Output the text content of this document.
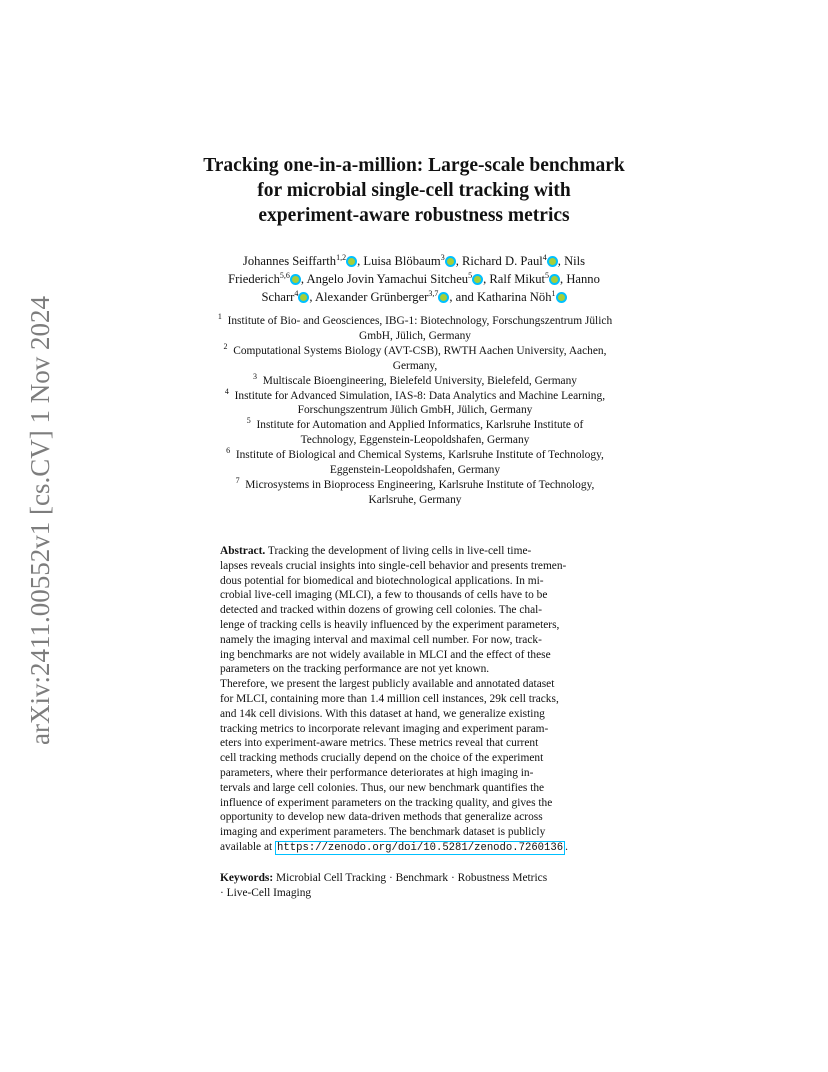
arXiv:2411.00552v1 [cs.CV] 1 Nov 2024
Tracking one-in-a-million: Large-scale benchmark
for microbial single-cell tracking with
experiment-aware robustness metrics
Johannes Seiffarth$^{1,2}$ , Luisa Blöbaum$^3$ , Richard D. Paul$^4$ , Nils
Friederich$^{5,6}$ , Angelo Jovin Yamachui Sitcheu$^5$ , Ralf Mikut$^5$ , Hanno
Scharr$^4$ , Alexander Grünberger$^{3,7}$ , and Katharina Nöh$^1$
$^1$ Institute of Bio- and Geosciences, IBG-1: Biotechnology, Forschungszentrum Jülich
GmbH, Jülich, Germany
$^2$ Computational Systems Biology (AVT-CSB), RWTH Aachen University, Aachen,
Germany,
$^3$ Multiscale Bioengineering, Bielefeld University, Bielefeld, Germany
$^4$ Institute for Advanced Simulation, IAS-8: Data Analytics and Machine Learning,
Forschungszentrum Jülich GmbH, Jülich, Germany
$^5$ Institute for Automation and Applied Informatics, Karlsruhe Institute of
Technology, Eggenstein-Leopoldshafen, Germany
$^6$ Institute of Biological and Chemical Systems, Karlsruhe Institute of Technology,
Eggenstein-Leopoldshafen, Germany
$^7$ Microsystems in Bioprocess Engineering, Karlsruhe Institute of Technology,
Karlsruhe, Germany
Abstract. Tracking the development of living cells in live-cell time-
lapses reveals crucial insights into single-cell behavior and presents tremen-
dous potential for biomedical and biotechnological applications. In mi-
crobial live-cell imaging (MLCI), a few to thousands of cells have to be
detected and tracked within dozens of growing cell colonies. The chal-
lenge of tracking cells is heavily influenced by the experiment parameters,
namely the imaging interval and maximal cell number. For now, track-
ing benchmarks are not widely available in MLCI and the effect of these
parameters on the tracking performance are not yet known.
Therefore, we present the largest publicly available and annotated dataset
for MLCI, containing more than 1.4 million cell instances, 29k cell tracks,
and 14k cell divisions. With this dataset at hand, we generalize existing
tracking metrics to incorporate relevant imaging and experiment param-
eters into experiment-aware metrics. These metrics reveal that current
cell tracking methods crucially depend on the choice of the experiment
parameters, where their performance deteriorates at high imaging in-
tervals and large cell colonies. Thus, our new benchmark quantifies the
influence of experiment parameters on the tracking quality, and gives the
opportunity to develop new data-driven methods that generalize across
imaging and experiment parameters. The benchmark dataset is publicly
available at https://zenodo.org/doi/10.5281/zenodo.7260136 .
Keywords: Microbial Cell Tracking · Benchmark · Robustness Metrics
· Live-Cell Imaging
